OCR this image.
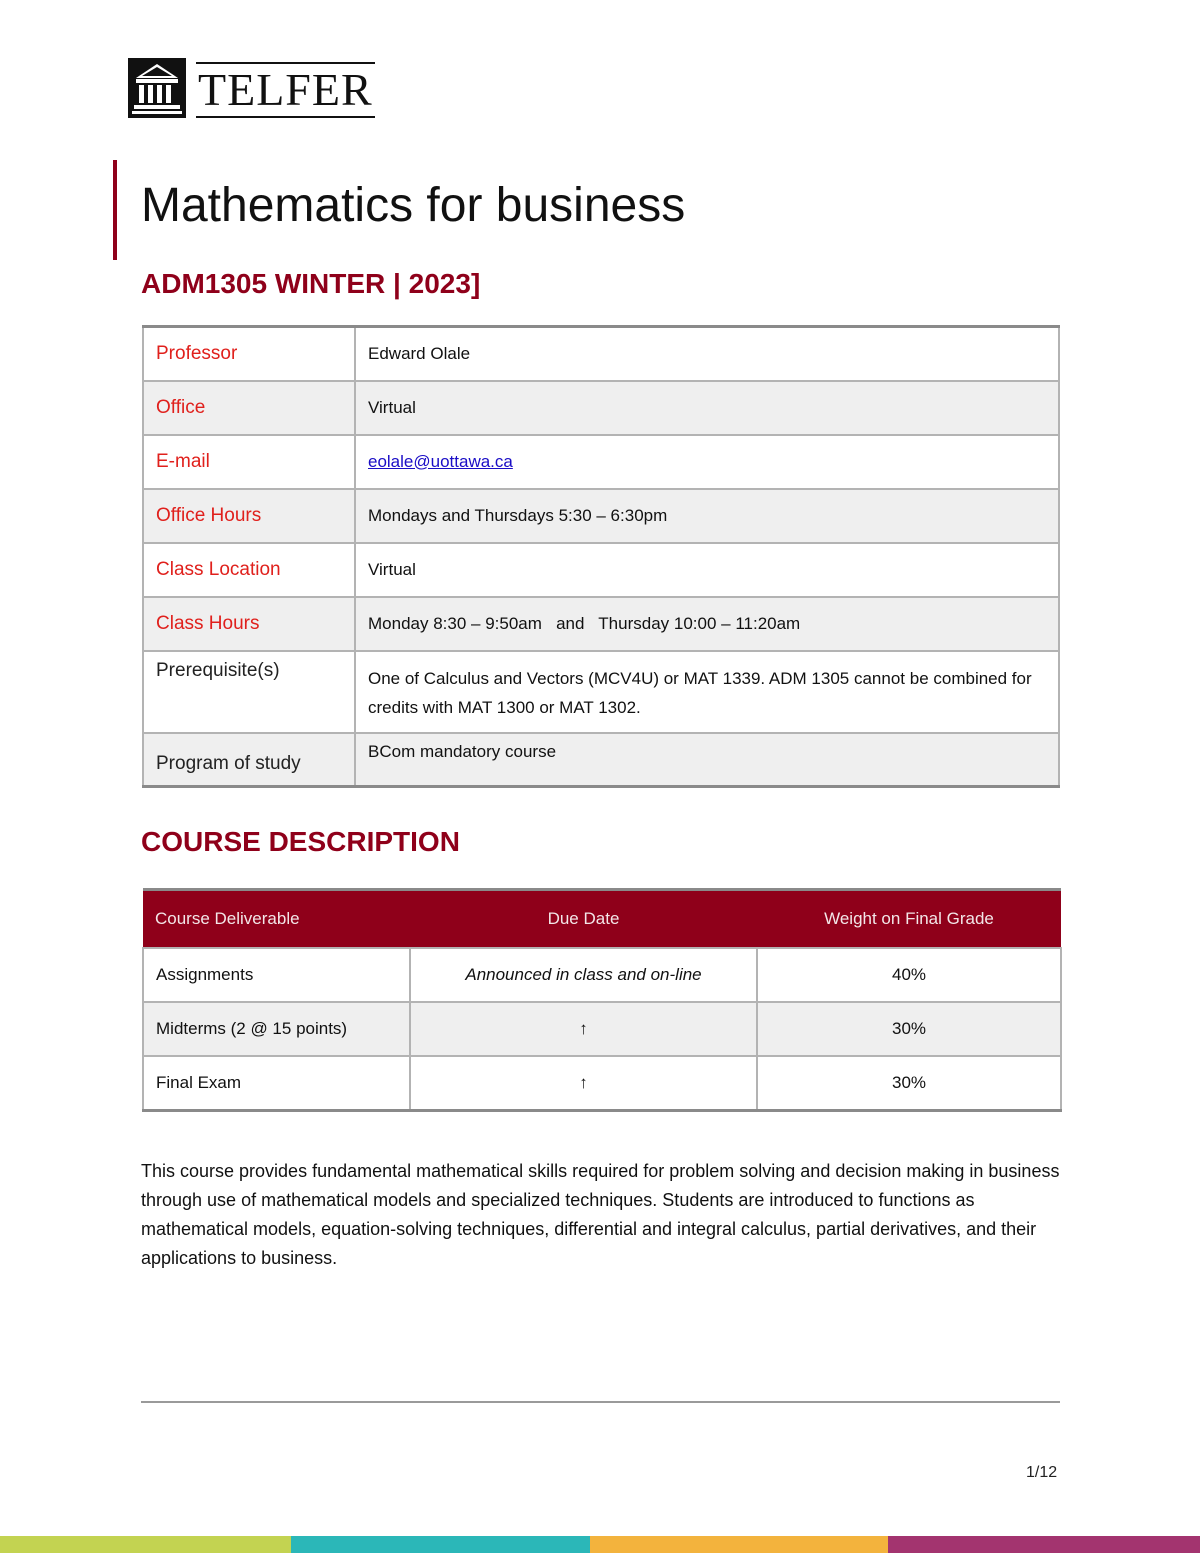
TELFER
Mathematics for business
ADM1305 WINTER | 2023]
Professor	Edward Olale
Office	Virtual
E-mail	eolale@uottawa.ca
Office Hours	Mondays and Thursdays 5:30 – 6:30pm
Class Location	Virtual
Class Hours	Monday 8:30 – 9:50am   and   Thursday 10:00 – 11:20am
Prerequisite(s)	One of Calculus and Vectors (MCV4U) or MAT 1339. ADM 1305 cannot be combined for credits with MAT 1300 or MAT 1302.
Program of study	BCom mandatory course
COURSE DESCRIPTION
Course Deliverable	Due Date	Weight on Final Grade
Assignments	Announced in class and on-line	40%
Midterms (2 @ 15 points)	↑	30%
Final Exam	↑	30%

This course provides fundamental mathematical skills required for problem solving and decision making in business through use of mathematical models and specialized techniques. Students are introduced to functions as mathematical models, equation-solving techniques, differential and integral calculus, partial derivatives, and their applications to business.

1/12
